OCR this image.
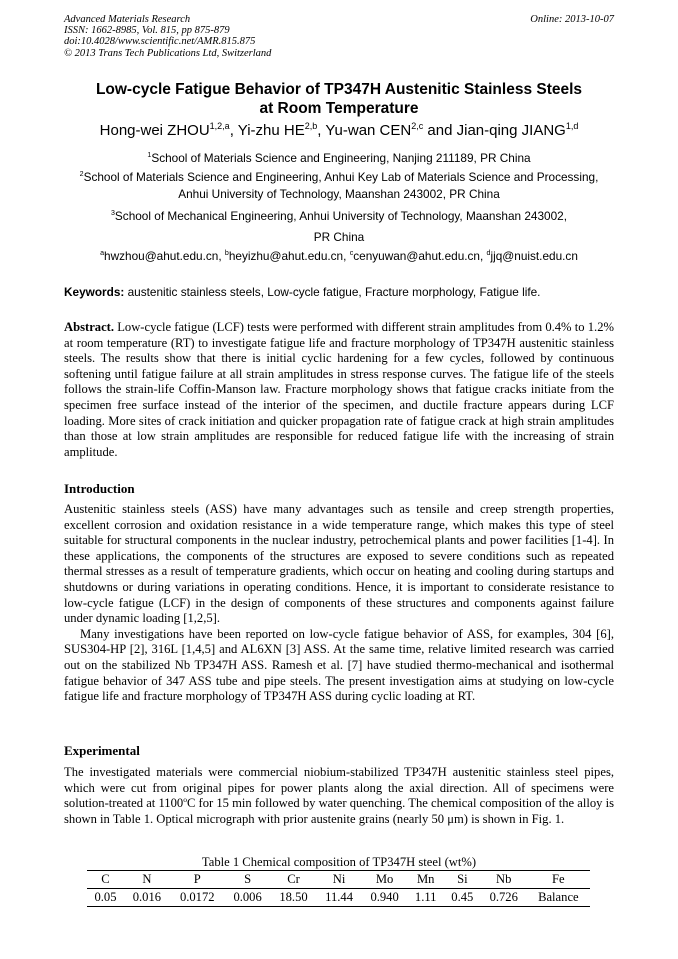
Advanced Materials Research
ISSN: 1662-8985, Vol. 815, pp 875-879
doi:10.4028/www.scientific.net/AMR.815.875
© 2013 Trans Tech Publications Ltd, Switzerland
Online: 2013-10-07
Low-cycle Fatigue Behavior of TP347H Austenitic Stainless Steels
at Room Temperature
Hong-wei ZHOU$^{1,2,a}$, Yi-zhu HE$^{2,b}$, Yu-wan CEN$^{2,c}$ and Jian-qing JIANG$^{1,d}$
$^1$School of Materials Science and Engineering, Nanjing 211189, PR China
$^2$School of Materials Science and Engineering, Anhui Key Lab of Materials Science and Processing,
Anhui University of Technology, Maanshan 243002, PR China
$^3$School of Mechanical Engineering, Anhui University of Technology, Maanshan 243002,
PR China
$^a$hwzhou@ahut.edu.cn, $^b$heyizhu@ahut.edu.cn, $^c$cenyuwan@ahut.edu.cn, $^d$jjq@nuist.edu.cn
Keywords: austenitic stainless steels, Low-cycle fatigue, Fracture morphology, Fatigue life.

Abstract. Low-cycle fatigue (LCF) tests were performed with different strain amplitudes from 0.4% to 1.2% at room temperature (RT) to investigate fatigue life and fracture morphology of TP347H austenitic stainless steels. The results show that there is initial cyclic hardening for a few cycles, followed by continuous softening until fatigue failure at all strain amplitudes in stress response curves. The fatigue life of the steels follows the strain-life Coffin-Manson law. Fracture morphology shows that fatigue cracks initiate from the specimen free surface instead of the interior of the specimen, and ductile fracture appears during LCF loading. More sites of crack initiation and quicker propagation rate of fatigue crack at high strain amplitudes than those at low strain amplitudes are responsible for reduced fatigue life with the increasing of strain amplitude.

Introduction

Austenitic stainless steels (ASS) have many advantages such as tensile and creep strength properties, excellent corrosion and oxidation resistance in a wide temperature range, which makes this type of steel suitable for structural components in the nuclear industry, petrochemical plants and power facilities [1-4]. In these applications, the components of the structures are exposed to severe conditions such as repeated thermal stresses as a result of temperature gradients, which occur on heating and cooling during startups and shutdowns or during variations in operating conditions. Hence, it is important to considerate resistance to low-cycle fatigue (LCF) in the design of components of these structures and components against failure under dynamic loading [1,2,5].

Many investigations have been reported on low-cycle fatigue behavior of ASS, for examples, 304 [6], SUS304-HP [2], 316L [1,4,5] and AL6XN [3] ASS. At the same time, relative limited research was carried out on the stabilized Nb TP347H ASS. Ramesh et al. [7] have studied thermo-mechanical and isothermal fatigue behavior of 347 ASS tube and pipe steels. The present investigation aims at studying on low-cycle fatigue life and fracture morphology of TP347H ASS during cyclic loading at RT.

Experimental

The investigated materials were commercial niobium-stabilized TP347H austenitic stainless steel pipes, which were cut from original pipes for power plants along the axial direction. All of specimens were solution-treated at 1100$^o$C for 15 min followed by water quenching. The chemical composition of the alloy is shown in Table 1. Optical micrograph with prior austenite grains (nearly 50 μm) is shown in Fig. 1.

Table 1 Chemical composition of TP347H steel (wt%)
C	N	P	S	Cr	Ni	Mo	Mn	Si	Nb	Fe
0.05	0.016	0.0172	0.006	18.50	11.44	0.940	1.11	0.45	0.726	Balance
